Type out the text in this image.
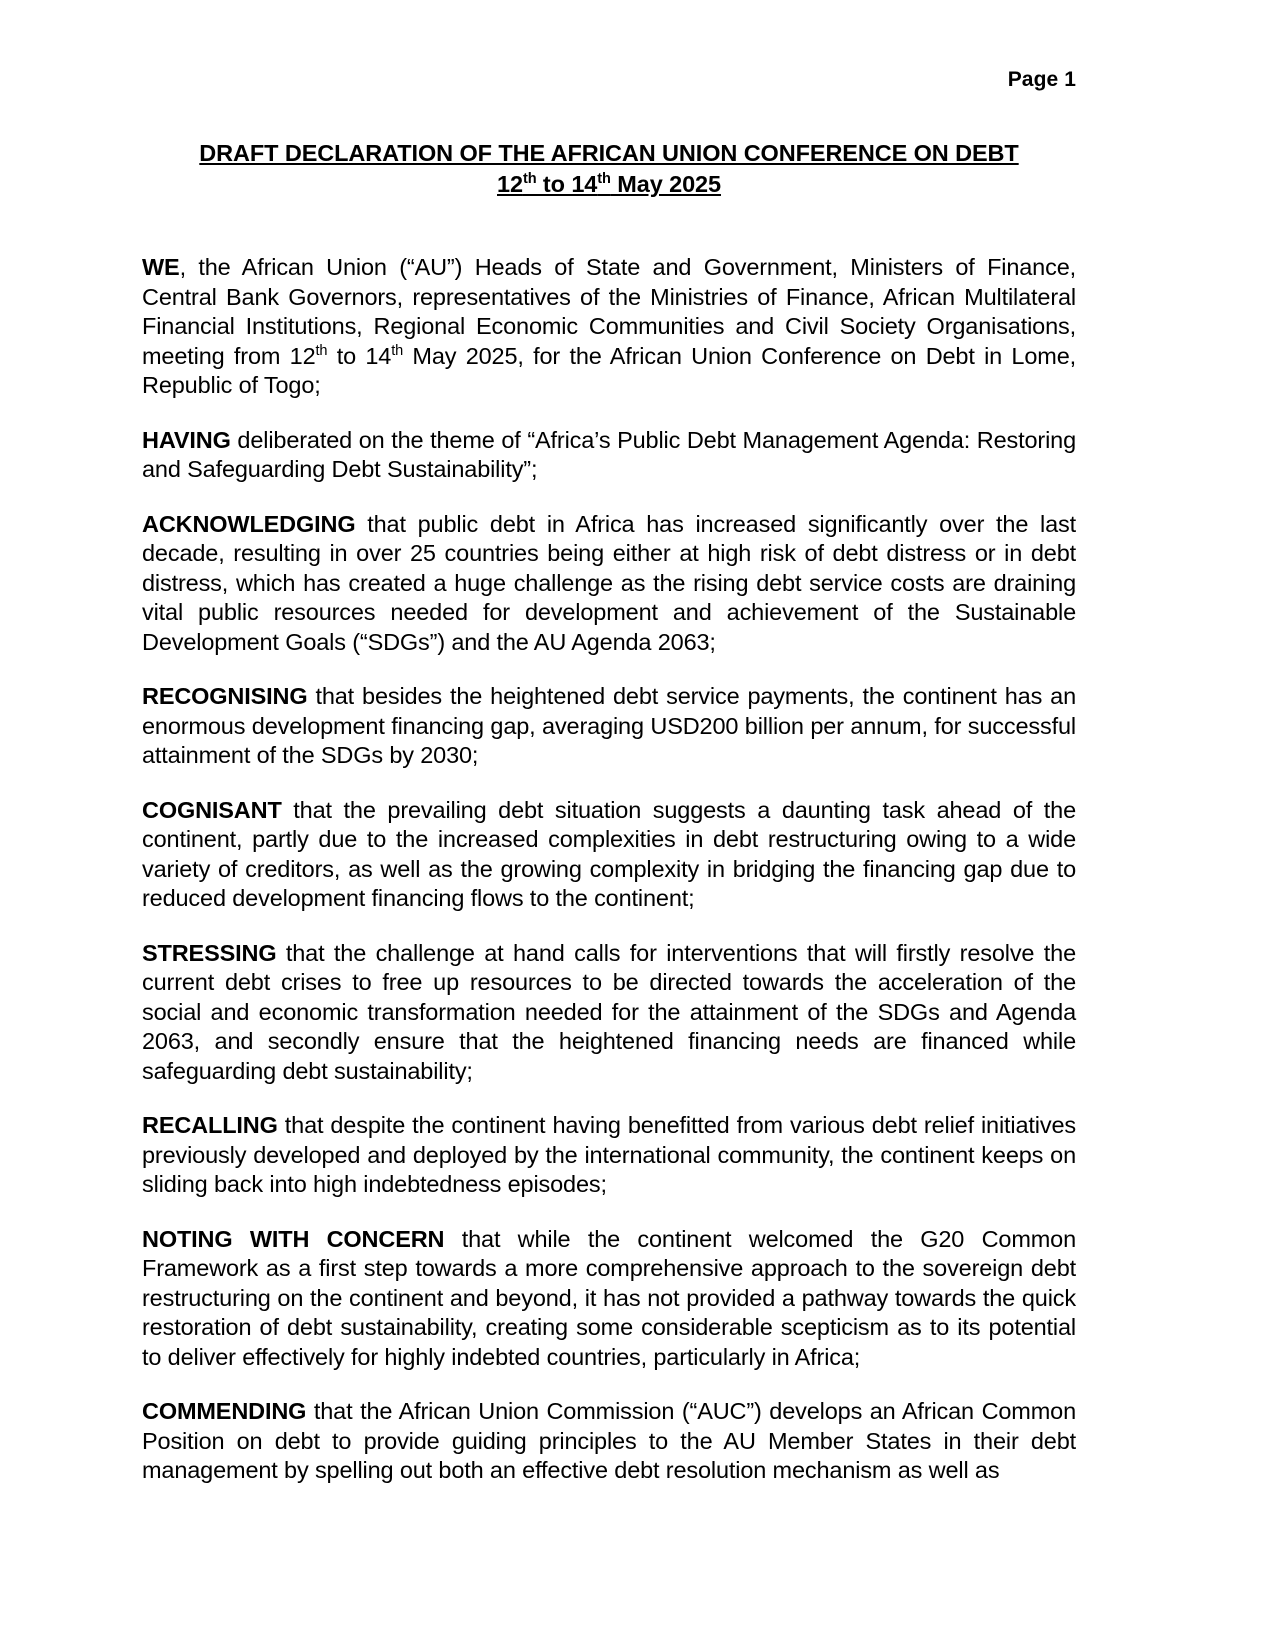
Page 1
DRAFT DECLARATION OF THE AFRICAN UNION CONFERENCE ON DEBT
12th to 14th May 2025

WE, the African Union (“AU”) Heads of State and Government, Ministers of Finance, Central Bank Governors, representatives of the Ministries of Finance, African Multilateral Financial Institutions, Regional Economic Communities and Civil Society Organisations, meeting from 12th to 14th May 2025, for the African Union Conference on Debt in Lome, Republic of Togo;

HAVING deliberated on the theme of “Africa’s Public Debt Management Agenda: Restoring and Safeguarding Debt Sustainability”;

ACKNOWLEDGING that public debt in Africa has increased significantly over the last decade, resulting in over 25 countries being either at high risk of debt distress or in debt distress, which has created a huge challenge as the rising debt service costs are draining vital public resources needed for development and achievement of the Sustainable Development Goals (“SDGs”) and the AU Agenda 2063;

RECOGNISING that besides the heightened debt service payments, the continent has an enormous development financing gap, averaging USD200 billion per annum, for successful attainment of the SDGs by 2030;

COGNISANT that the prevailing debt situation suggests a daunting task ahead of the continent, partly due to the increased complexities in debt restructuring owing to a wide variety of creditors, as well as the growing complexity in bridging the financing gap due to reduced development financing flows to the continent;

STRESSING that the challenge at hand calls for interventions that will firstly resolve the current debt crises to free up resources to be directed towards the acceleration of the social and economic transformation needed for the attainment of the SDGs and Agenda 2063, and secondly ensure that the heightened financing needs are financed while safeguarding debt sustainability;

RECALLING that despite the continent having benefitted from various debt relief initiatives previously developed and deployed by the international community, the continent keeps on sliding back into high indebtedness episodes;

NOTING WITH CONCERN that while the continent welcomed the G20 Common Framework as a first step towards a more comprehensive approach to the sovereign debt restructuring on the continent and beyond, it has not provided a pathway towards the quick restoration of debt sustainability, creating some considerable scepticism as to its potential to deliver effectively for highly indebted countries, particularly in Africa;

COMMENDING that the African Union Commission (“AUC”) develops an African Common Position on debt to provide guiding principles to the AU Member States in their debt management by spelling out both an effective debt resolution mechanism as well as
